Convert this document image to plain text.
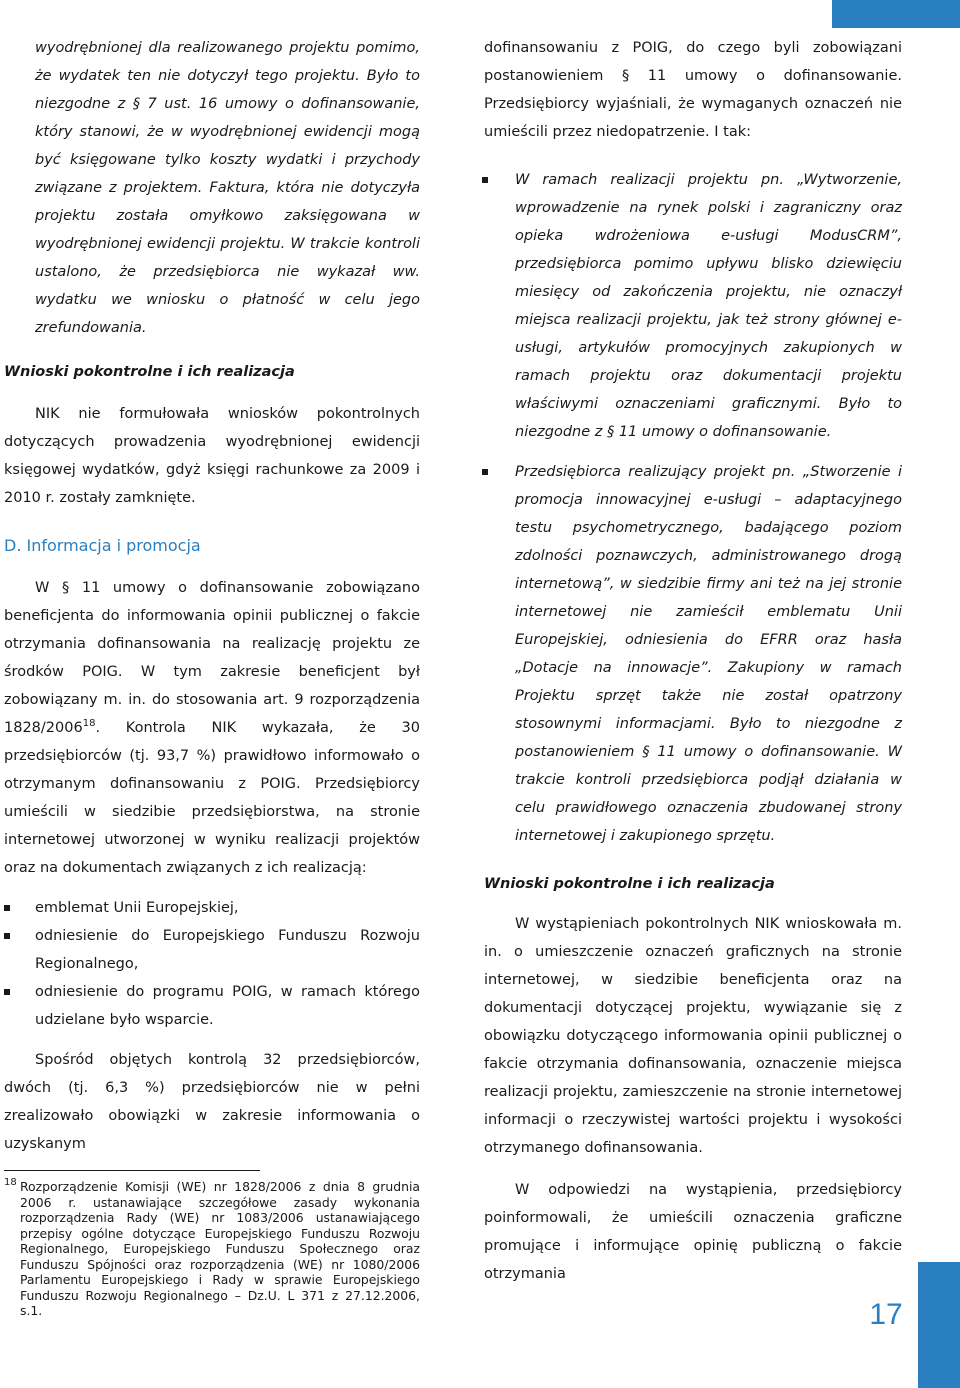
17

wyodrębnionej dla realizowanego projektu pomimo, że wydatek ten nie dotyczył tego projektu. Było to niezgodne z § 7 ust. 16 umowy o dofinansowanie, który stanowi, że w wyodrębnionej ewidencji mogą być księgowane tylko koszty wydatki i przychody związane z projektem. Faktura, która nie dotyczyła projektu została omyłkowo zaksięgowana w wyodrębnionej ewidencji projektu. W trakcie kontroli ustalono, że przedsiębiorca nie wykazał ww. wydatku we wniosku o płatność w celu jego zrefundowania.

Wnioski pokontrolne i ich realizacja

NIK nie formułowała wniosków pokontrolnych dotyczących prowadzenia wyodrębnionej ewidencji księgowej wydatków, gdyż księgi rachunkowe za 2009 i 2010 r. zostały zamknięte.

D. Informacja i promocja

W § 11 umowy o dofinansowanie zobowiązano beneficjenta do informowania opinii publicznej o fakcie otrzymania dofinansowania na realizację projektu ze środków POIG. W tym zakresie beneficjent był zobowiązany m. in. do stosowania art. 9 rozporządzenia 1828/2006$^{18}$. Kontrola NIK wykazała, że 30 przedsiębiorców (tj. 93,7 %) prawidłowo informowało o otrzymanym dofinansowaniu z POIG. Przedsiębiorcy umieścili w siedzibie przedsiębiorstwa, na stronie internetowej utworzonej w wyniku realizacji projektów oraz na dokumentach związanych z ich realizacją:

emblemat Unii Europejskiej,
odniesienie do Europejskiego Funduszu Rozwoju Regionalnego,
odniesienie do programu POIG, w ramach którego udzielane było wsparcie.

Spośród objętych kontrolą 32 przedsiębiorców, dwóch (tj. 6,3 %) przedsiębiorców nie w pełni zrealizowało obowiązki w zakresie informowania o uzyskanym

18 Rozporządzenie Komisji (WE) nr 1828/2006 z dnia 8 grudnia 2006 r. ustanawiające szczegółowe zasady wykonania rozporządzenia Rady (WE) nr 1083/2006 ustanawiającego przepisy ogólne dotyczące Europejskiego Funduszu Rozwoju Regionalnego, Europejskiego Funduszu Społecznego oraz Funduszu Spójności oraz rozporządzenia (WE) nr 1080/2006 Parlamentu Europejskiego i Rady w sprawie Europejskiego Funduszu Rozwoju Regionalnego – Dz.U. L 371 z 27.12.2006, s.1.

dofinansowaniu z POIG, do czego byli zobowiązani postanowieniem § 11 umowy o dofinansowanie. Przedsiębiorcy wyjaśniali, że wymaganych oznaczeń nie umieścili przez niedopatrzenie. I tak:

W ramach realizacji projektu pn. „Wytworzenie, wprowadzenie na rynek polski i zagraniczny oraz opieka wdrożeniowa e-usługi ModusCRM”, przedsiębiorca pomimo upływu blisko dziewięciu miesięcy od zakończenia projektu, nie oznaczył miejsca realizacji projektu, jak też strony głównej e-usługi, artykułów promocyjnych zakupionych w ramach projektu oraz dokumentacji projektu właściwymi oznaczeniami graficznymi. Było to niezgodne z § 11 umowy o dofinansowanie.
Przedsiębiorca realizujący projekt pn. „Stworzenie i promocja innowacyjnej e-usługi – adaptacyjnego testu psychometrycznego, badającego poziom zdolności poznawczych, administrowanego drogą internetową”, w siedzibie firmy ani też na jej stronie internetowej nie zamieścił emblematu Unii Europejskiej, odniesienia do EFRR oraz hasła „Dotacje na innowacje”. Zakupiony w ramach Projektu sprzęt także nie został opatrzony stosownymi informacjami. Było to niezgodne z postanowieniem § 11 umowy o dofinansowanie. W trakcie kontroli przedsiębiorca podjął działania w celu prawidłowego oznaczenia zbudowanej strony internetowej i zakupionego sprzętu.
Wnioski pokontrolne i ich realizacja

W wystąpieniach pokontrolnych NIK wnioskowała m. in. o umieszczenie oznaczeń graficznych na stronie internetowej, w siedzibie beneficjenta oraz na dokumentacji dotyczącej projektu, wywiązanie się z obowiązku dotyczącego informowania opinii publicznej o fakcie otrzymania dofinansowania, oznaczenie miejsca realizacji projektu, zamieszczenie na stronie internetowej informacji o rzeczywistej wartości projektu i wysokości otrzymanego dofinansowania.

W odpowiedzi na wystąpienia, przedsiębiorcy poinformowali, że umieścili oznaczenia graficzne promujące i informujące opinię publiczną o fakcie otrzymania
